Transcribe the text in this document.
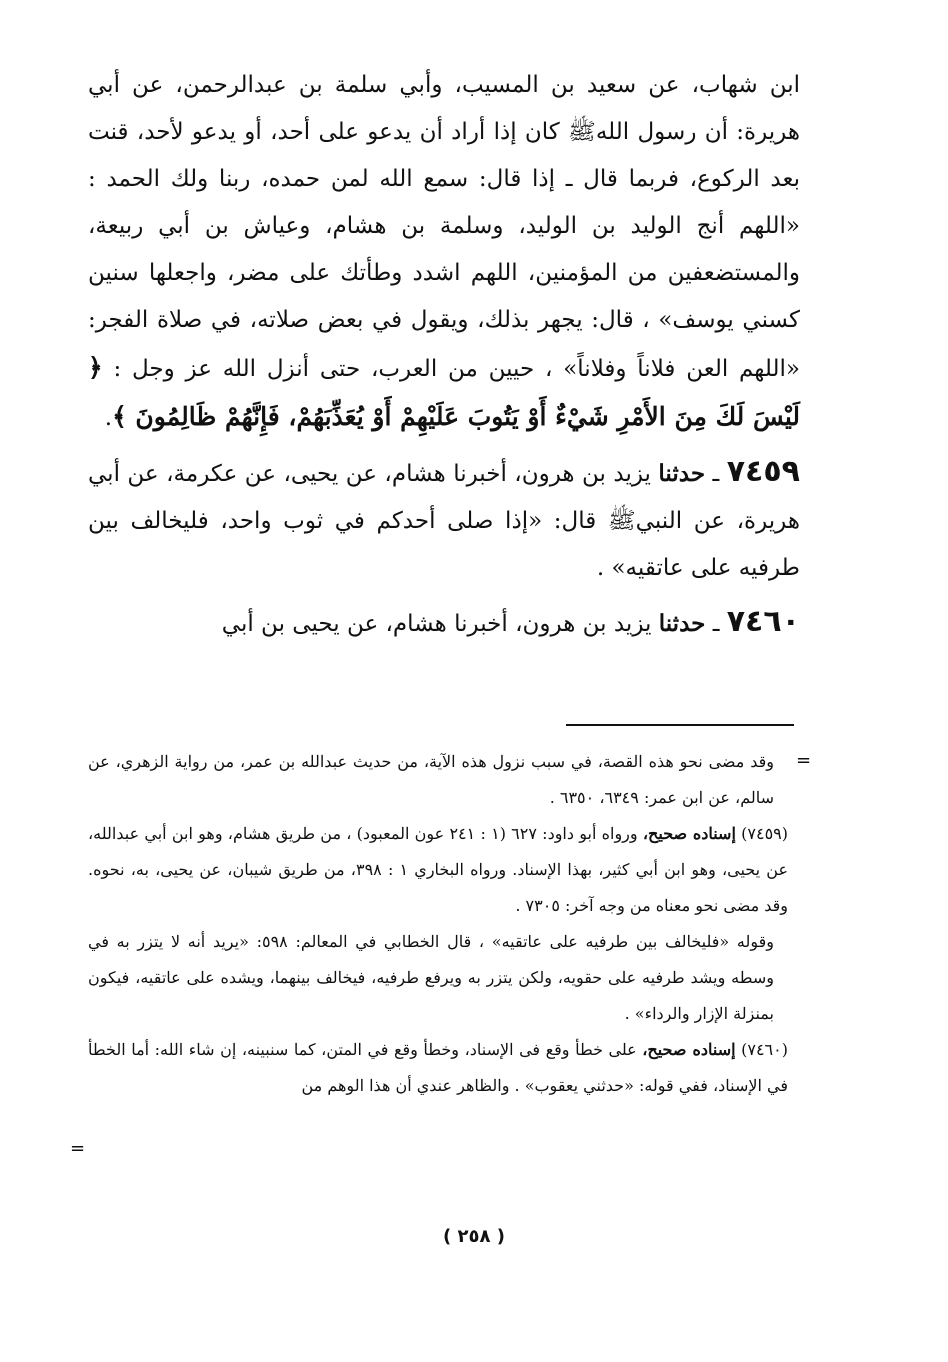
ابن شهاب، عن سعيد بن المسيب، وأبي سلمة بن عبدالرحمن، عن أبي هريرة: أن رسول اللهﷺ كان إذا أراد أن يدعو على أحد، أو يدعو لأحد، قنت بعد الركوع، فربما قال ـ إذا قال: سمع الله لمن حمده، ربنا ولك الحمد : «اللهم أنج الوليد بن الوليد، وسلمة بن هشام، وعياش بن أبي ربيعة، والمستضعفين من المؤمنين، اللهم اشدد وطأتك على مضر، واجعلها سنين كسني يوسف» ، قال: يجهر بذلك، ويقول في بعض صلاته، في صلاة الفجر: «اللهم العن فلاناً وفلاناً» ، حيين من العرب، حتى أنزل الله عز وجل : ﴿ لَيْسَ لَكَ مِنَ الأَمْرِ شَيْءٌ أَوْ يَتُوبَ عَلَيْهِمْ أَوْ يُعَذِّبَهُمْ، فَإِنَّهُمْ ظَالِمُونَ ﴾.

٧٤٥٩ ـ حدثنا يزيد بن هرون، أخبرنا هشام، عن يحيى، عن عكرمة، عن أبي هريرة، عن النبيﷺ قال: «إذا صلى أحدكم في ثوب واحد، فليخالف بين طرفيه على عاتقيه» .

٧٤٦٠ ـ حدثنا يزيد بن هرون، أخبرنا هشام، عن يحيى بن أبي

=

وقد مضى نحو هذه القصة، في سبب نزول هذه الآية، من حديث عبدالله بن عمر، من رواية الزهري، عن سالم، عن ابن عمر: ٦٣٤٩، ٦٣٥٠ .

(٧٤٥٩) إسناده صحيح، ورواه أبو داود: ٦٢٧ (١ : ٢٤١ عون المعبود) ، من طريق هشام، وهو ابن أبي عبدالله، عن يحيى، وهو ابن أبي كثير، بهذا الإسناد. ورواه البخاري ١ : ٣٩٨، من طريق شيبان، عن يحيى، به، نحوه. وقد مضى نحو معناه من وجه آخر: ٧٣٠٥ .

وقوله «فليخالف بين طرفيه على عاتقيه» ، قال الخطابي في المعالم: ٥٩٨: «يريد أنه لا يتزر به في وسطه ويشد طرفيه على حقويه، ولكن يتزر به ويرفع طرفيه، فيخالف بينهما، ويشده على عاتقيه، فيكون بمنزلة الإزار والرداء» .

(٧٤٦٠) إسناده صحيح، على خطأ وقع فى الإسناد، وخطأ وقع في المتن، كما سنبينه، إن شاء الله: أما الخطأ في الإسناد، ففي قوله: «حدثني يعقوب» . والظاهر عندي أن هذا الوهم من

=
( ٢٥٨ )
